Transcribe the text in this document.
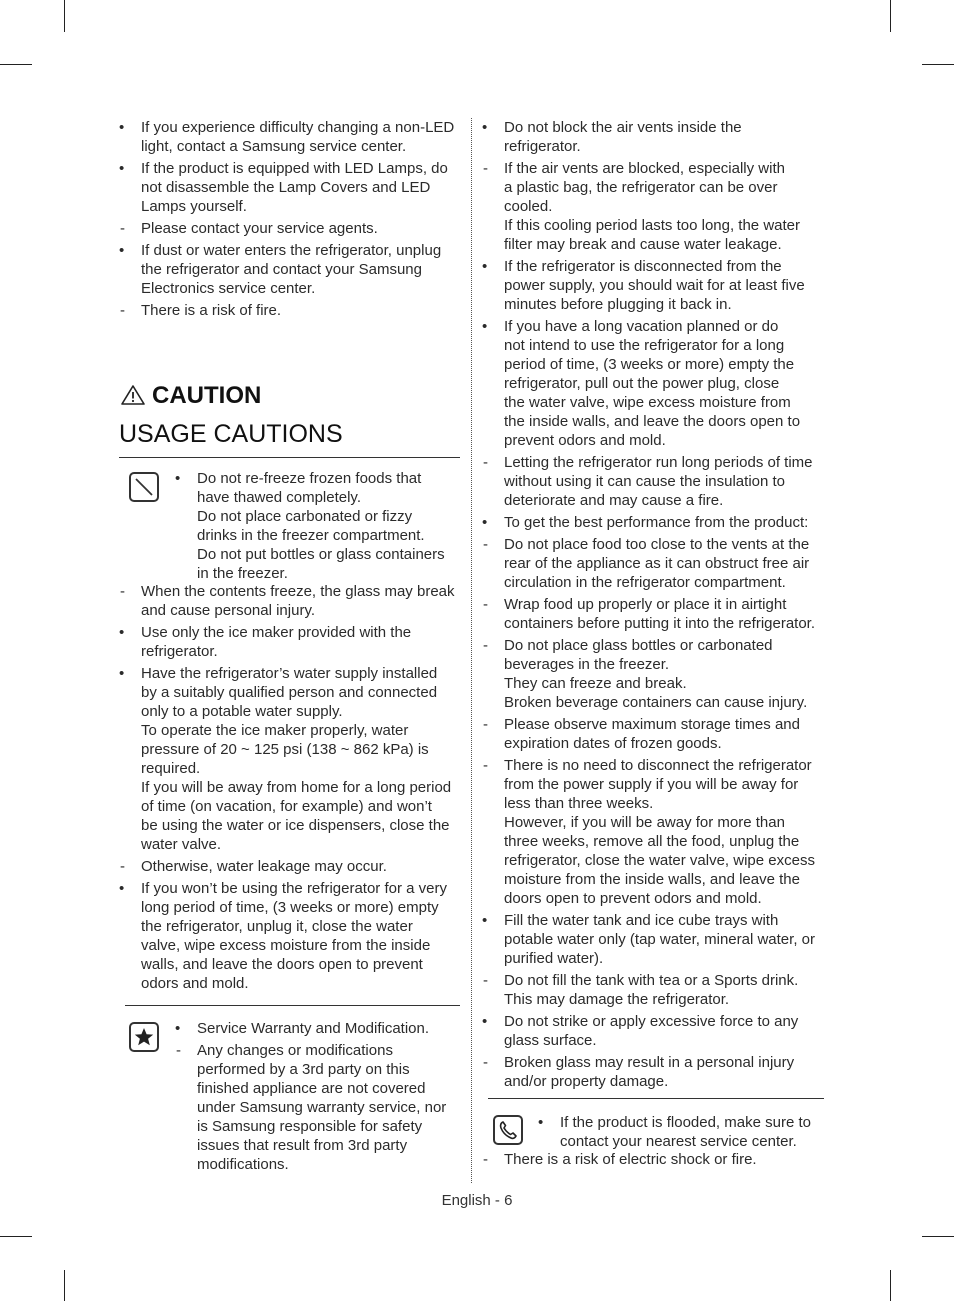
•	If you experience difficulty changing a non-LED
light, contact a Samsung service center.

•	If the product is equipped with LED Lamps, do
not disassemble the Lamp Covers and LED
Lamps yourself.

-	Please contact your service agents.

•	If dust or water enters the refrigerator, unplug
the refrigerator and contact your Samsung
Electronics service center.

-	There is a risk of fire.

CAUTION
USAGE CAUTIONS
•	Do not re-freeze frozen foods that
have thawed completely.
Do not place carbonated or fizzy
drinks in the freezer compartment.
Do not put bottles or glass containers
in the freezer.

-	When the contents freeze, the glass may break
and cause personal injury.

•	Use only the ice maker provided with the
refrigerator.

•	Have the refrigerator’s water supply installed
by a suitably qualified person and connected
only to a potable water supply.
To operate the ice maker properly, water
pressure of 20 ~ 125 psi (138 ~ 862 kPa) is
required.
If you will be away from home for a long period
of time (on vacation, for example) and won’t
be using the water or ice dispensers, close the
water valve.

-	Otherwise, water leakage may occur.

•	If you won’t be using the refrigerator for a very
long period of time, (3 weeks or more) empty
the refrigerator, unplug it, close the water
valve, wipe excess moisture from the inside
walls, and leave the doors open to prevent
odors and mold.

•	Service Warranty and Modification.

-	Any changes or modifications
performed by a 3rd party on this
finished appliance are not covered
under Samsung warranty service, nor
is Samsung responsible for safety
issues that result from 3rd party
modifications.

•	Do not block the air vents inside the
refrigerator.

-	If the air vents are blocked, especially with
a plastic bag, the refrigerator can be over
cooled.
If this cooling period lasts too long, the water
filter may break and cause water leakage.

•	If the refrigerator is disconnected from the
power supply, you should wait for at least five
minutes before plugging it back in.

•	If you have a long vacation planned or do
not intend to use the refrigerator for a long
period of time, (3 weeks or more) empty the
refrigerator, pull out the power plug, close
the water valve, wipe excess moisture from
the inside walls, and leave the doors open to
prevent odors and mold.

-	Letting the refrigerator run long periods of time
without using it can cause the insulation to
deteriorate and may cause a fire.

•	To get the best performance from the product:

-	Do not place food too close to the vents at the
rear of the appliance as it can obstruct free air
circulation in the refrigerator compartment.

-	Wrap food up properly or place it in airtight
containers before putting it into the refrigerator.

-	Do not place glass bottles or carbonated
beverages in the freezer.
They can freeze and break.
Broken beverage containers can cause injury.

-	Please observe maximum storage times and
expiration dates of frozen goods.

-	There is no need to disconnect the refrigerator
from the power supply if you will be away for
less than three weeks.
However, if you will be away for more than
three weeks, remove all the food, unplug the
refrigerator, close the water valve, wipe excess
moisture from the inside walls, and leave the
doors open to prevent odors and mold.

•	Fill the water tank and ice cube trays with
potable water only (tap water, mineral water, or
purified water).

-	Do not fill the tank with tea or a Sports drink.
This may damage the refrigerator.

•	Do not strike or apply excessive force to any
glass surface.

-	Broken glass may result in a personal injury
and/or property damage.

•	If the product is flooded, make sure to
contact your nearest service center.

-	There is a risk of electric shock or fire.

English - 6
